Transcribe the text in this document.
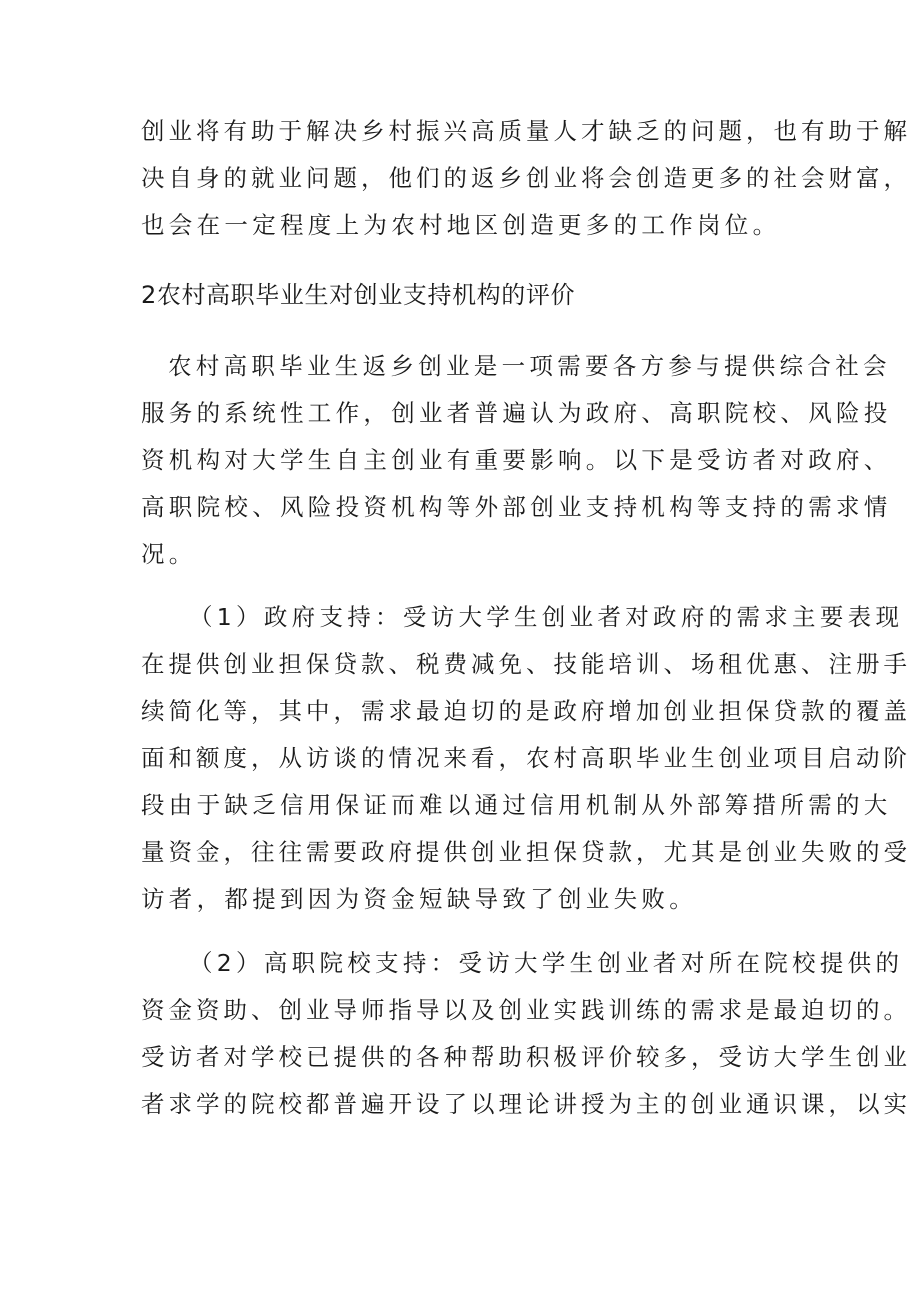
创业将有助于解决乡村振兴高质量人才缺乏的问题，也有助于解
决自身的就业问题，他们的返乡创业将会创造更多的社会财富，
也会在一定程度上为农村地区创造更多的工作岗位。
2农村高职毕业生对创业支持机构的评价
农村高职毕业生返乡创业是一项需要各方参与提供综合社会
服务的系统性工作，创业者普遍认为政府、高职院校、风险投
资机构对大学生自主创业有重要影响。以下是受访者对政府、
高职院校、风险投资机构等外部创业支持机构等支持的需求情
况。
（1）政府支持：受访大学生创业者对政府的需求主要表现
在提供创业担保贷款、税费减免、技能培训、场租优惠、注册手
续简化等，其中，需求最迫切的是政府增加创业担保贷款的覆盖
面和额度，从访谈的情况来看，农村高职毕业生创业项目启动阶
段由于缺乏信用保证而难以通过信用机制从外部筹措所需的大
量资金，往往需要政府提供创业担保贷款，尤其是创业失败的受
访者，都提到因为资金短缺导致了创业失败。
（2）高职院校支持：受访大学生创业者对所在院校提供的
资金资助、创业导师指导以及创业实践训练的需求是最迫切的。
受访者对学校已提供的各种帮助积极评价较多，受访大学生创业
者求学的院校都普遍开设了以理论讲授为主的创业通识课，以实
